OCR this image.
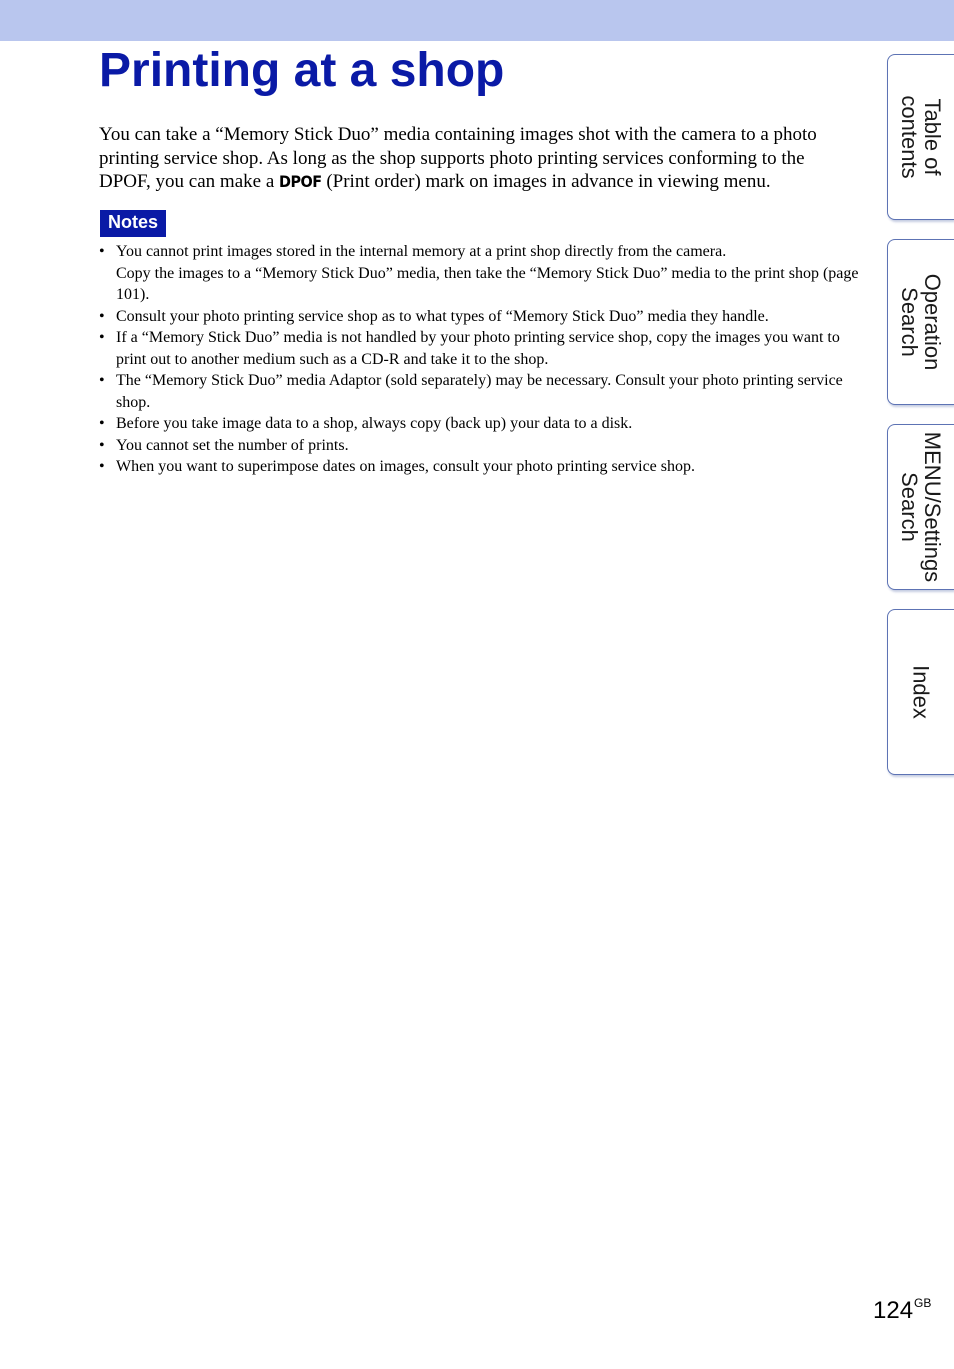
Printing at a shop

You can take a “Memory Stick Duo” media containing images shot with the camera to a photo printing service shop. As long as the shop supports photo printing services conforming to the DPOF, you can make a DPOF (Print order) mark on images in advance in viewing menu.

Notes
• You cannot print images stored in the internal memory at a print shop directly from the camera.
Copy the images to a “Memory Stick Duo” media, then take the “Memory Stick Duo” media to the print shop (page 101).
• Consult your photo printing service shop as to what types of “Memory Stick Duo” media they handle.
• If a “Memory Stick Duo” media is not handled by your photo printing service shop, copy the images you want to print out to another medium such as a CD-R and take it to the shop.
• The “Memory Stick Duo” media Adaptor (sold separately) may be necessary. Consult your photo printing service shop.
• Before you take image data to a shop, always copy (back up) your data to a disk.
• You cannot set the number of prints.
• When you want to superimpose dates on images, consult your photo printing service shop.
Table of
contents
Operation
Search
MENU/Settings
Search
Index
$124^{GB}$
